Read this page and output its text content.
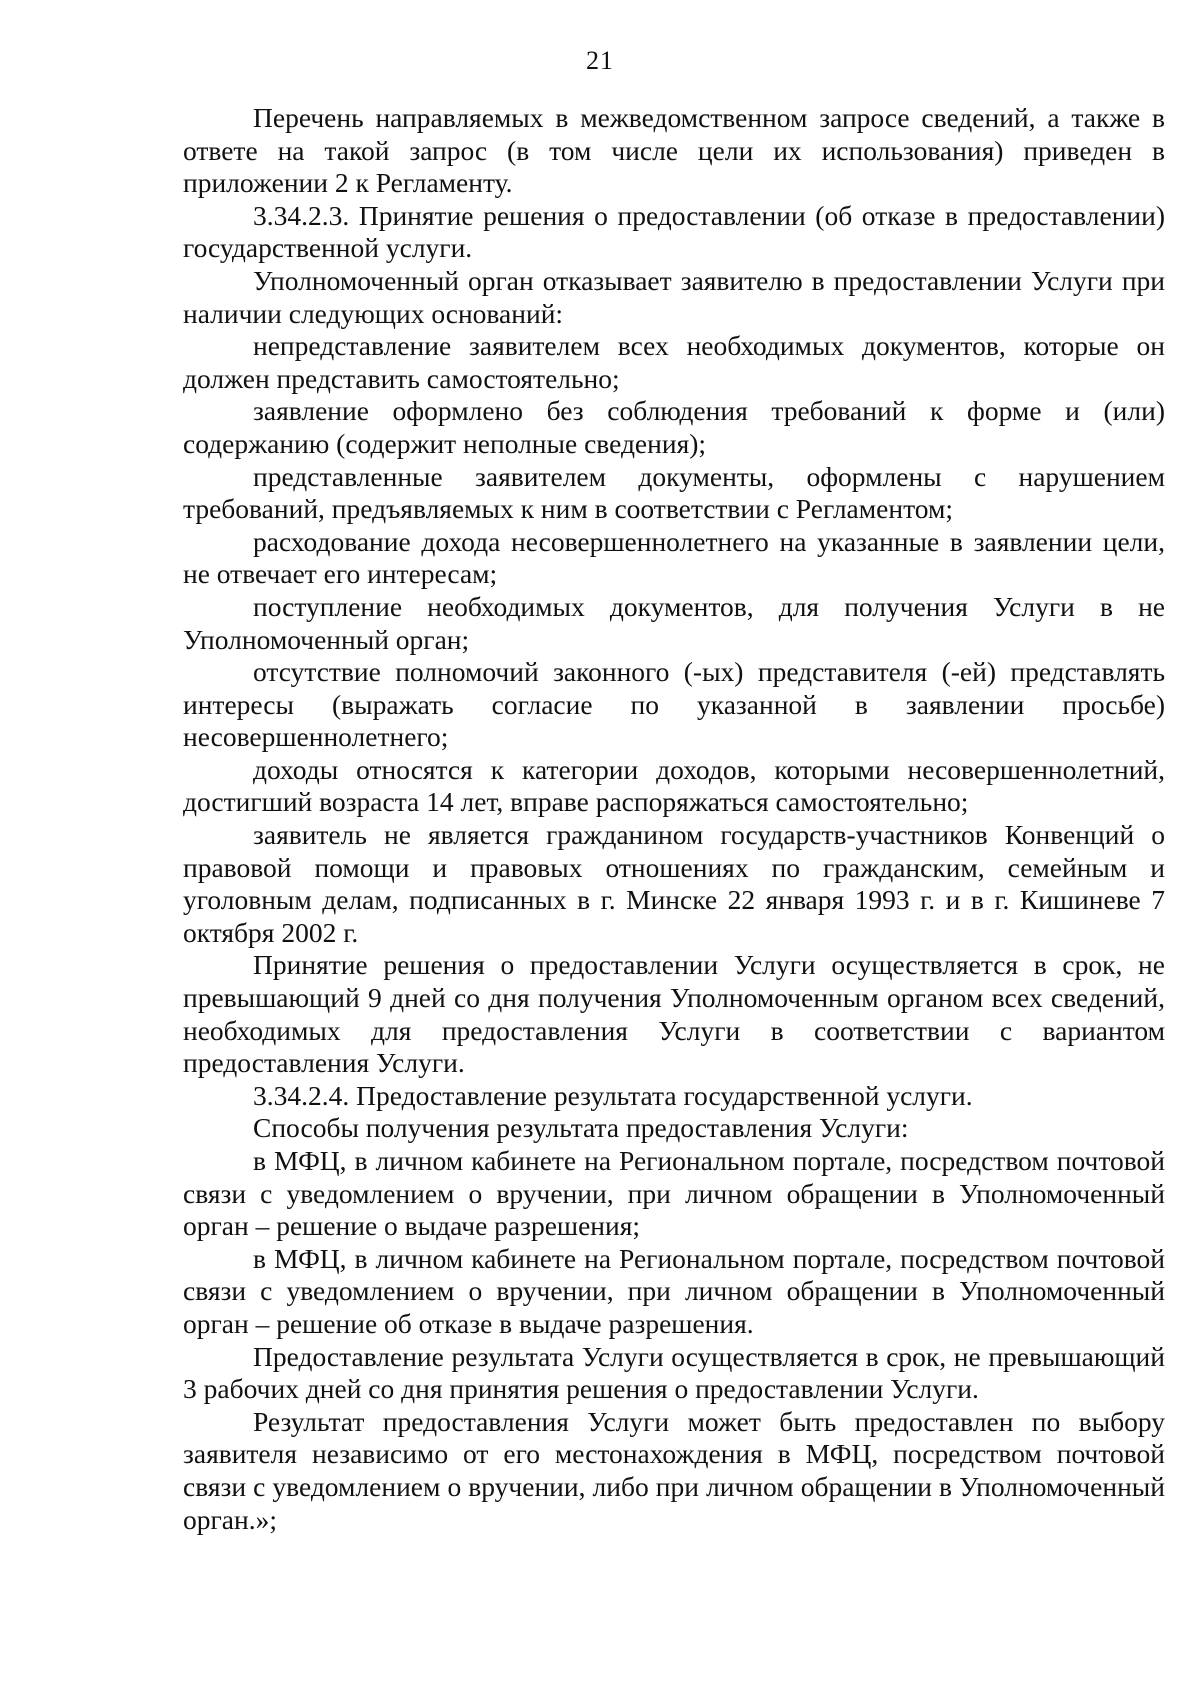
21

Перечень направляемых в межведомственном запросе сведений, а также в ответе на такой запрос (в том числе цели их использования) приведен в приложении 2 к Регламенту.

3.34.2.3. Принятие решения о предоставлении (об отказе в предоставлении) государственной услуги.

Уполномоченный орган отказывает заявителю в предоставлении Услуги при наличии следующих оснований:

непредставление заявителем всех необходимых документов, которые он должен представить самостоятельно;

заявление оформлено без соблюдения требований к форме и (или) содержанию (содержит неполные сведения);

представленные заявителем документы, оформлены с нарушением требований, предъявляемых к ним в соответствии с Регламентом;

расходование дохода несовершеннолетнего на указанные в заявлении цели, не отвечает его интересам;

поступление необходимых документов, для получения Услуги в не Уполномоченный орган;

отсутствие полномочий законного (-ых) представителя (-ей) представлять интересы (выражать согласие по указанной в заявлении просьбе) несовершеннолетнего;

доходы относятся к категории доходов, которыми несовершеннолетний, достигший возраста 14 лет, вправе распоряжаться самостоятельно;

заявитель не является гражданином государств-участников Конвенций о правовой помощи и правовых отношениях по гражданским, семейным и уголовным делам, подписанных в г. Минске 22 января 1993 г. и в г. Кишиневе 7 октября 2002 г.

Принятие решения о предоставлении Услуги осуществляется в срок, не превышающий 9 дней со дня получения Уполномоченным органом всех сведений, необходимых для предоставления Услуги в соответствии с вариантом предоставления Услуги.

3.34.2.4. Предоставление результата государственной услуги.

Способы получения результата предоставления Услуги:

в МФЦ, в личном кабинете на Региональном портале, посредством почтовой связи с уведомлением о вручении, при личном обращении в Уполномоченный орган – решение о выдаче разрешения;

в МФЦ, в личном кабинете на Региональном портале, посредством почтовой связи с уведомлением о вручении, при личном обращении в Уполномоченный орган – решение об отказе в выдаче разрешения.

Предоставление результата Услуги осуществляется в срок, не превышающий 3 рабочих дней со дня принятия решения о предоставлении Услуги.

Результат предоставления Услуги может быть предоставлен по выбору заявителя независимо от его местонахождения в МФЦ, посредством почтовой связи с уведомлением о вручении, либо при личном обращении в Уполномоченный орган.»;
